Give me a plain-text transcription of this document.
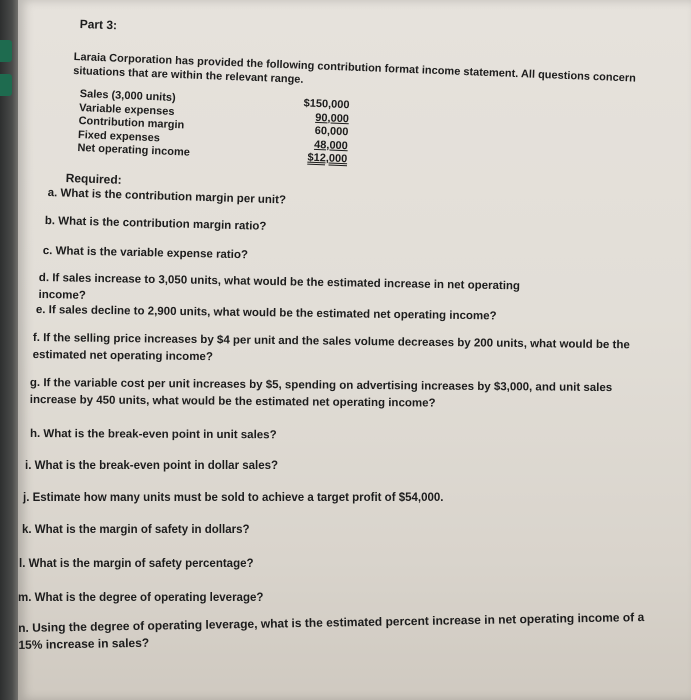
Part 3:
Laraia Corporation has provided the following contribution format income statement. All questions concern situations that are within the relevant range.
Sales (3,000 units)
$150,000
Variable expenses
90,000
Contribution margin
60,000
Fixed expenses
48,000
Net operating income	$12,000
Required:
a. What is the contribution margin per unit?
b. What is the contribution margin ratio?
c. What is the variable expense ratio?
d. If sales increase to 3,050 units, what would be the estimated increase in net operating income?
e. If sales decline to 2,900 units, what would be the estimated net operating income?
f. If the selling price increases by $4 per unit and the sales volume decreases by 200 units, what would be the estimated net operating income?
g. If the variable cost per unit increases by $5, spending on advertising increases by $3,000, and unit sales increase by 450 units, what would be the estimated net operating income?
h. What is the break-even point in unit sales?
i. What is the break-even point in dollar sales?
j. Estimate how many units must be sold to achieve a target profit of $54,000.
k. What is the margin of safety in dollars?
l. What is the margin of safety percentage?
m. What is the degree of operating leverage?
n. Using the degree of operating leverage, what is the estimated percent increase in net operating income of a 15% increase in sales?
